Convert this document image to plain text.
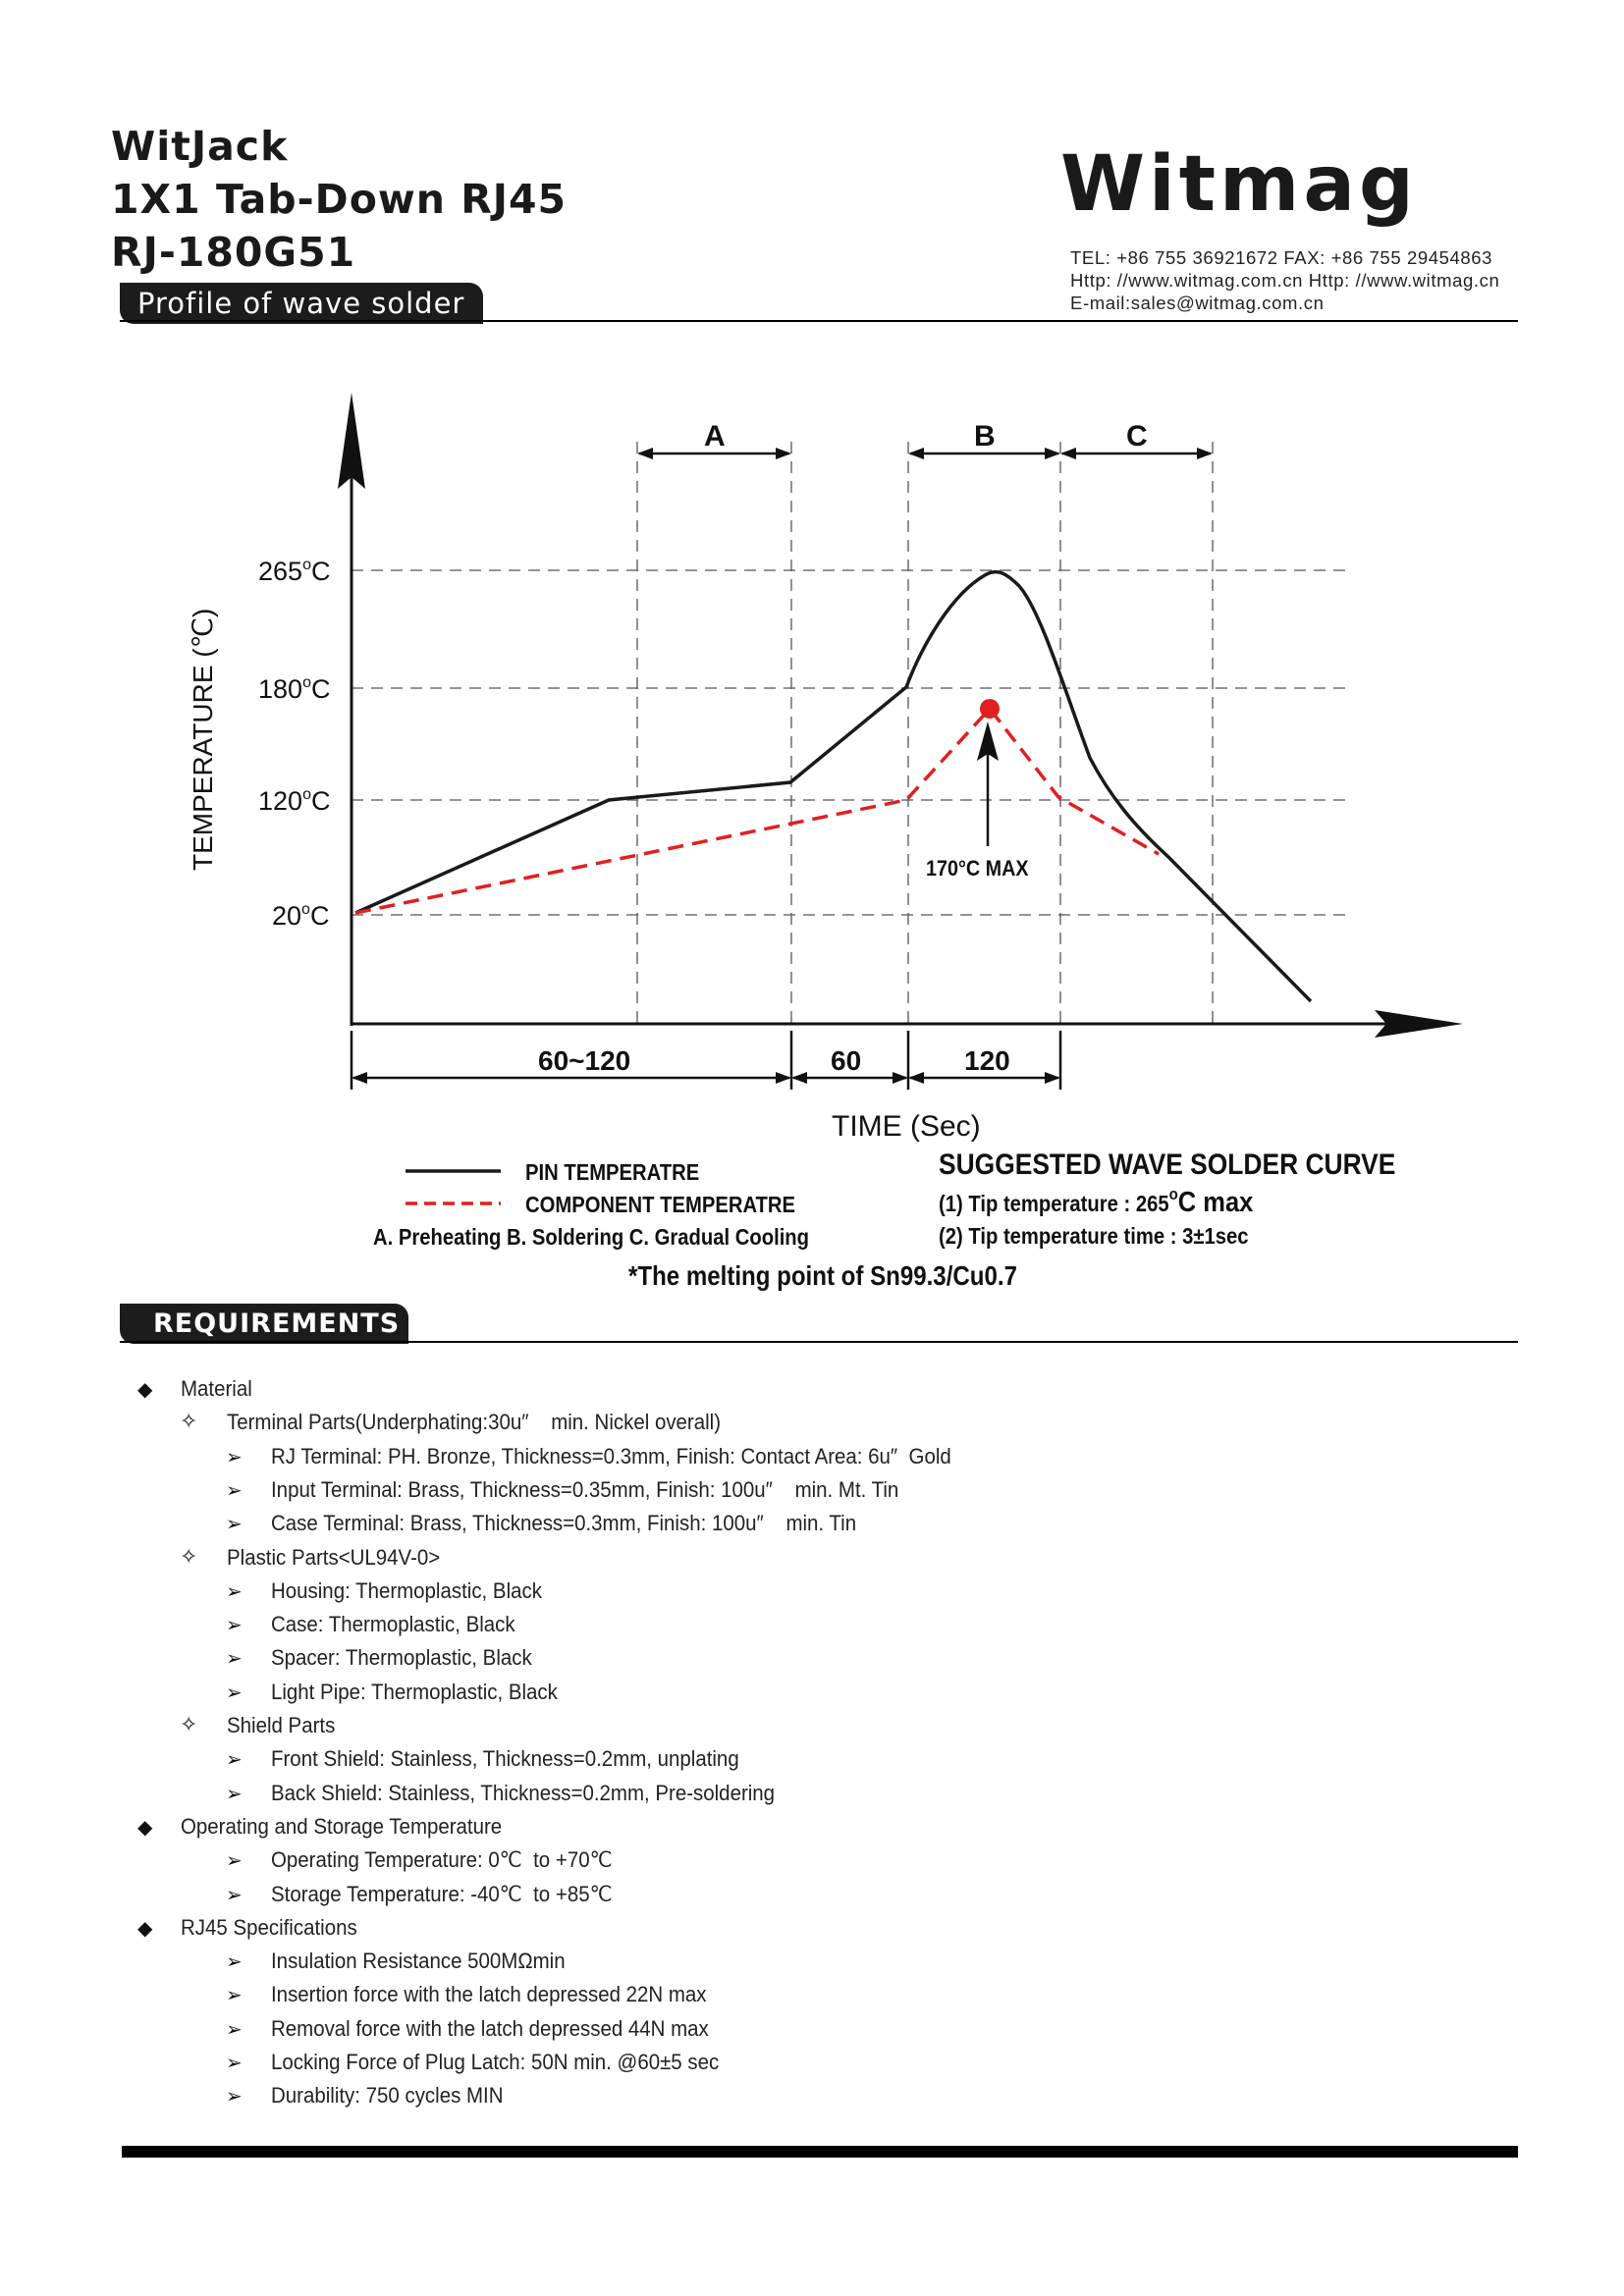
WitJack
1X1 Tab-Down RJ45
RJ-180G51
Profile of wave solder
Witmag
TEL: +86 755 36921672 FAX: +86 755 29454863
Http: //www.witmag.com.cn Http: //www.witmag.cn
E-mail:sales@witmag.com.cn
265$^o$C
180$^o$C
120$^o$C
20$^o$C
TEMPERATURE (℃)
A	B	C
170°C MAX
60~120	60	120
TIME (Sec)
PIN TEMPERATRE
COMPONENT TEMPERATRE
A. Preheating B. Soldering C. Gradual Cooling
SUGGESTED WAVE SOLDER CURVE
(1) Tip temperature : 265$^o$C max
(2) Tip temperature time : 3±1sec
*The melting point of Sn99.3/Cu0.7
REQUIREMENTS
◆ Material
✧ Terminal Parts(Underphating:30u″    min. Nickel overall)
➢ RJ Terminal: PH. Bronze, Thickness=0.3mm, Finish: Contact Area: 6u″  Gold
➢ Input Terminal: Brass, Thickness=0.35mm, Finish: 100u″    min. Mt. Tin
➢ Case Terminal: Brass, Thickness=0.3mm, Finish: 100u″    min. Tin
✧ Plastic Parts<UL94V-0>
➢ Housing: Thermoplastic, Black
➢ Case: Thermoplastic, Black
➢ Spacer: Thermoplastic, Black
➢ Light Pipe: Thermoplastic, Black
✧ Shield Parts
➢ Front Shield: Stainless, Thickness=0.2mm, unplating
➢ Back Shield: Stainless, Thickness=0.2mm, Pre-soldering
◆ Operating and Storage Temperature
➢ Operating Temperature: 0℃  to +70℃
➢ Storage Temperature: -40℃  to +85℃
◆ RJ45 Specifications
➢ Insulation Resistance 500MΩmin
➢ Insertion force with the latch depressed 22N max
➢ Removal force with the latch depressed 44N max
➢ Locking Force of Plug Latch: 50N min. @60±5 sec
➢ Durability: 750 cycles MIN
